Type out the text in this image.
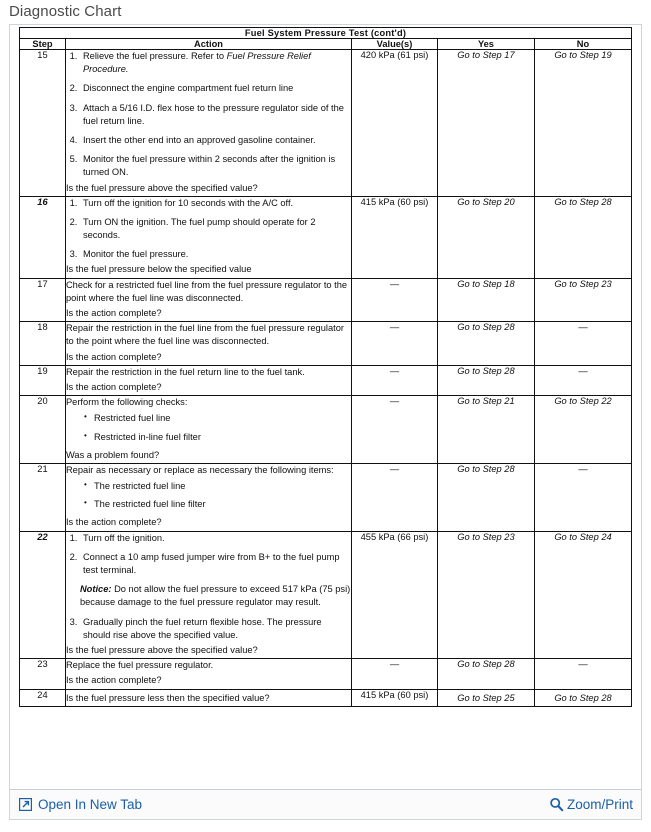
Diagnostic Chart
Fuel System Pressure Test (cont'd)				
Step	Action	Value(s)	Yes	No
15	
1.Relieve the fuel pressure. Refer to Fuel Pressure Relief Procedure.
2. Disconnect the engine compartment fuel return line
3. Attach a 5/16 I.D. flex hose to the pressure regulator side of the fuel return line.
4. Insert the other end into an approved gasoline container.
5. Monitor the fuel pressure within 2 seconds after the ignition is turned ON.
Is the fuel pressure above the specified value?
	420 kPa (61 psi)	Go to Step 17	Go to Step 19
16	
1.Turn off the ignition for 10 seconds with the A/C off.
2. Turn ON the ignition. The fuel pump should operate for 2 seconds.
3. Monitor the fuel pressure.
Is the fuel pressure below the specified value
	415 kPa (60 psi)	Go to Step 20	Go to Step 28
17	Check for a restricted fuel line from the fuel pressure regulator to the point where the fuel line was disconnected.
Is the action complete?	—	Go to Step 18	Go to Step 23
18	Repair the restriction in the fuel line from the fuel pressure regulator to the point where the fuel line was disconnected.
Is the action complete?	—	Go to Step 28	—
19	Repair the restriction in the fuel return line to the fuel tank.
Is the action complete?	—	Go to Step 28	—
20	Perform the following checks:
• Restricted fuel line
• Restricted in-line fuel filter
Was a problem found?
	—	Go to Step 21	Go to Step 22
21	Repair as necessary or replace as necessary the following items:
• The restricted fuel line
• The restricted fuel line filter
Is the action complete?
	—	Go to Step 28	—
22	
1.Turn off the ignition.
2. Connect a 10 amp fused jumper wire from B+ to the fuel pump test terminal.
Notice: Do not allow the fuel pressure to exceed 517 kPa (75 psi) because damage to the fuel pressure regulator may result.
3. Gradually pinch the fuel return flexible hose. The pressure should rise above the specified value.
Is the fuel pressure above the specified value?
	455 kPa (66 psi)	Go to Step 23	Go to Step 24
23	Replace the fuel pressure regulator.
Is the action complete?	—	Go to Step 28	—
24	Is the fuel pressure less then the specified value?	415 kPa (60 psi)	Go to Step 25	Go to Step 28
Open In New Tab	Zoom/Print
